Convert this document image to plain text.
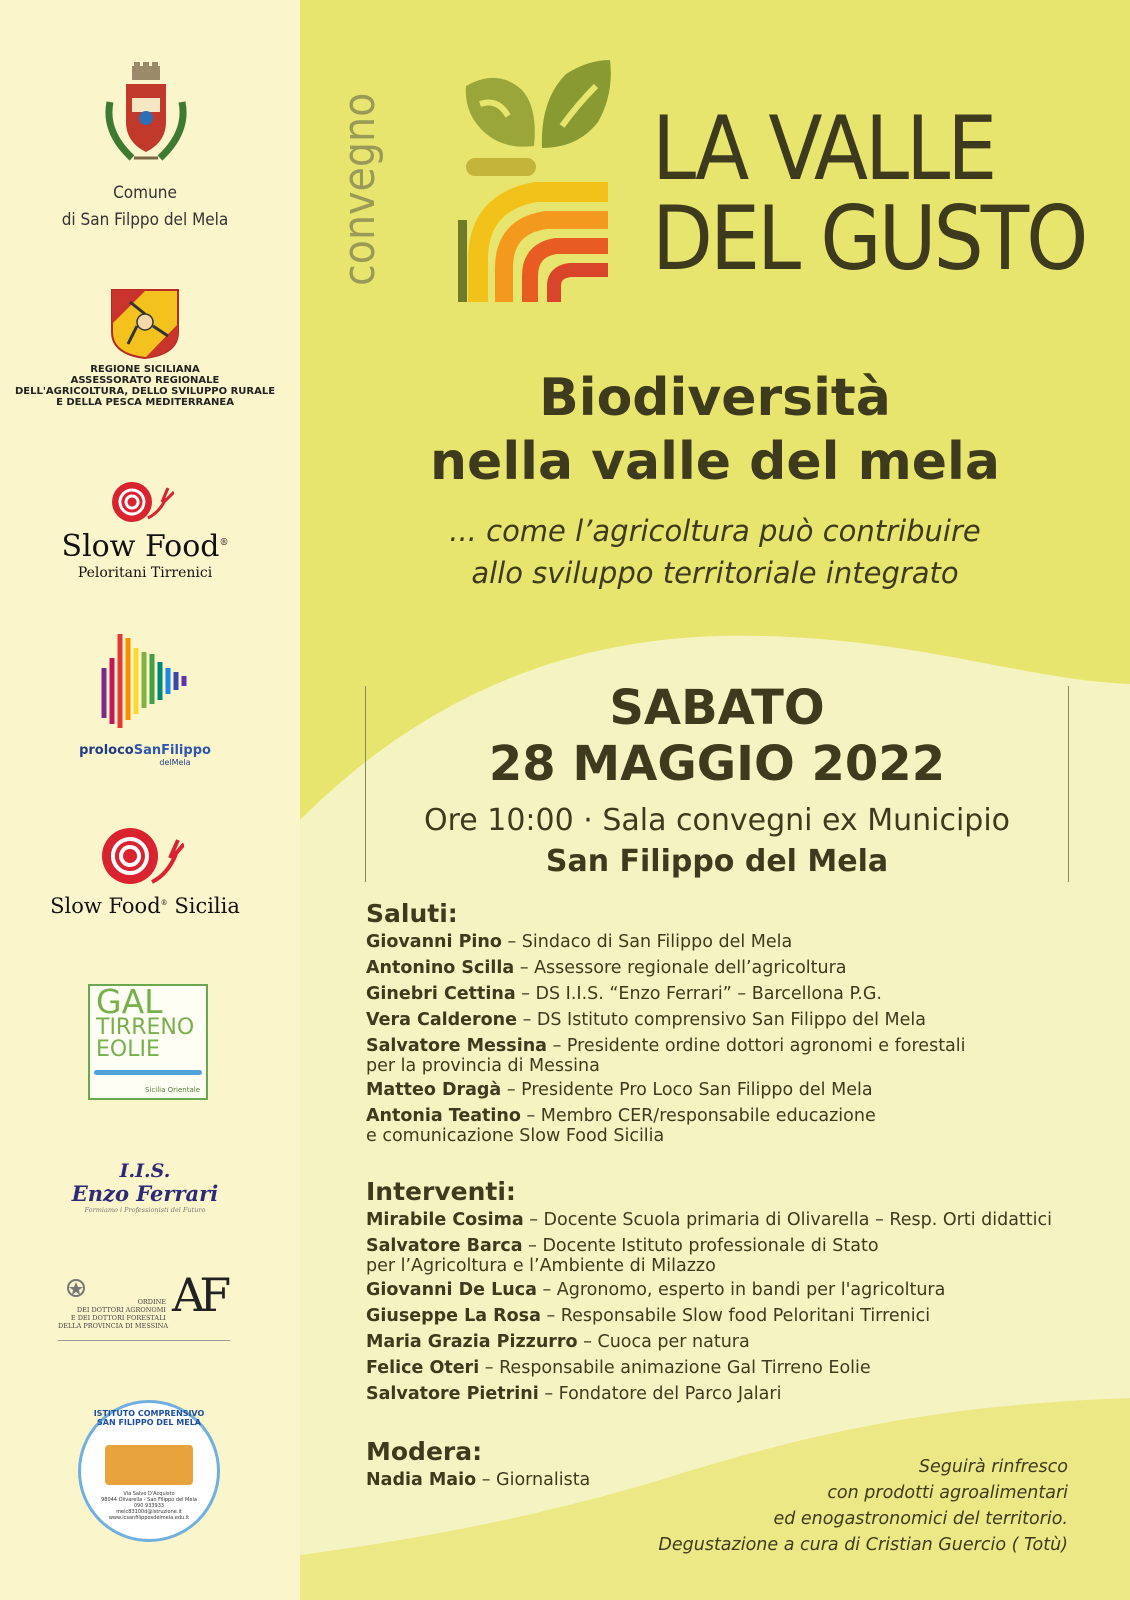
Comune
di San Filppo del Mela
REGIONE SICILIANA
ASSESSORATO REGIONALE
DELL'AGRICOLTURA, DELLO SVILUPPO RURALE
E DELLA PESCA MEDITERRANEA
Slow Food®
Peloritani Tirrenici
prolocoSanFilippo
delMela
Slow Food® Sicilia
GAL
TIRRENO
EOLIE
Sicilia Orientale
I.I.S.
Enzo Ferrari
Formiamo i Professionisti del Futuro
ORDINE
DEI DOTTORI AGRONOMI
E DEI DOTTORI FORESTALI
DELLA PROVINCIA DI MESSINA
AF
ISTITUTO COMPRENSIVO SAN FILIPPO DEL MELA
Via Salvo D'Acquisto
98044 Olivarella - San Filippo del Mela
090 933933
meic83100d@istruzione.it
www.icsanfilipposdelmela.edu.it
convegno	LA VALLE
DEL GUSTO
Biodiversità
nella valle del mela
... come l’agricoltura può contribuire
allo sviluppo territoriale integrato
SABATO
28 MAGGIO 2022
Ore 10:00 · Sala convegni ex Municipio
San Filippo del Mela
Saluti:
Giovanni Pino – Sindaco di San Filippo del Mela
Antonino Scilla – Assessore regionale dell’agricoltura
Ginebri Cettina – DS I.I.S. “Enzo Ferrari” – Barcellona P.G.
Vera Calderone – DS Istituto comprensivo San Filippo del Mela
Salvatore Messina – Presidente ordine dottori agronomi e forestali
per la provincia di Messina
Matteo Dragà – Presidente Pro Loco San Filippo del Mela
Antonia Teatino – Membro CER/responsabile educazione
e comunicazione Slow Food Sicilia
Interventi:
Mirabile Cosima – Docente Scuola primaria di Olivarella – Resp. Orti didattici
Salvatore Barca – Docente Istituto professionale di Stato
per l’Agricoltura e l’Ambiente di Milazzo
Giovanni De Luca – Agronomo, esperto in bandi per l'agricoltura
Giuseppe La Rosa – Responsabile Slow food Peloritani Tirrenici
Maria Grazia Pizzurro – Cuoca per natura
Felice Oteri – Responsabile animazione Gal Tirreno Eolie
Salvatore Pietrini – Fondatore del Parco Jalari
Modera:
Nadia Maio – Giornalista
Seguirà rinfresco
con prodotti agroalimentari
ed enogastronomici del territorio.
Degustazione a cura di Cristian Guercio ( Totù)
